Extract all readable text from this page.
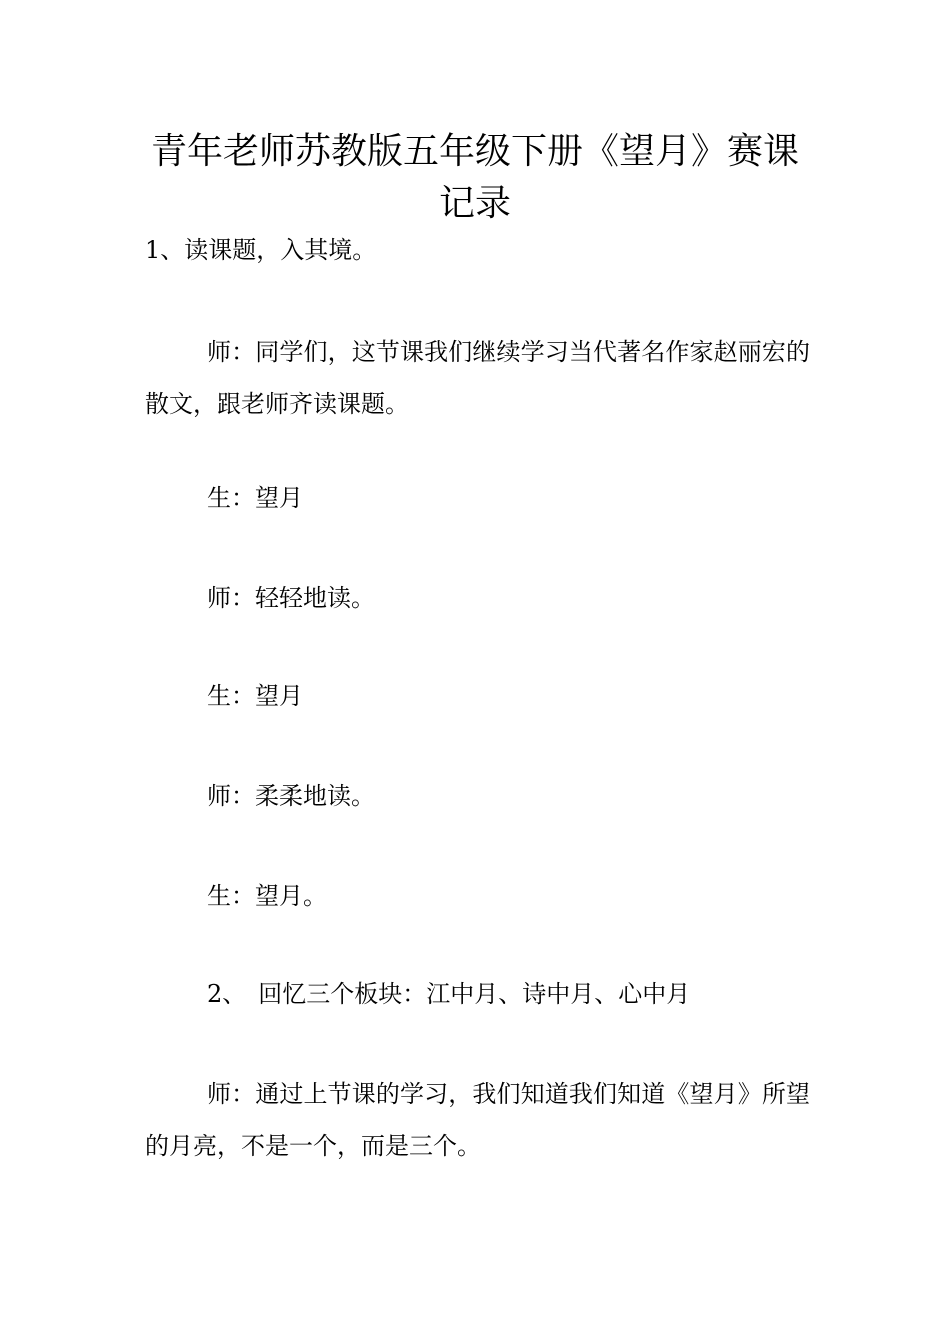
青年老师苏教版五年级下册《望月》赛课记录

1、读课题，入其境。

师：同学们，这节课我们继续学习当代著名作家赵丽宏的散文，跟老师齐读课题。

生：望月

师：轻轻地读。

生：望月

师：柔柔地读。

生：望月。

2、　回忆三个板块：江中月、诗中月、心中月

师：通过上节课的学习，我们知道我们知道《望月》所望的月亮，不是一个，而是三个。
